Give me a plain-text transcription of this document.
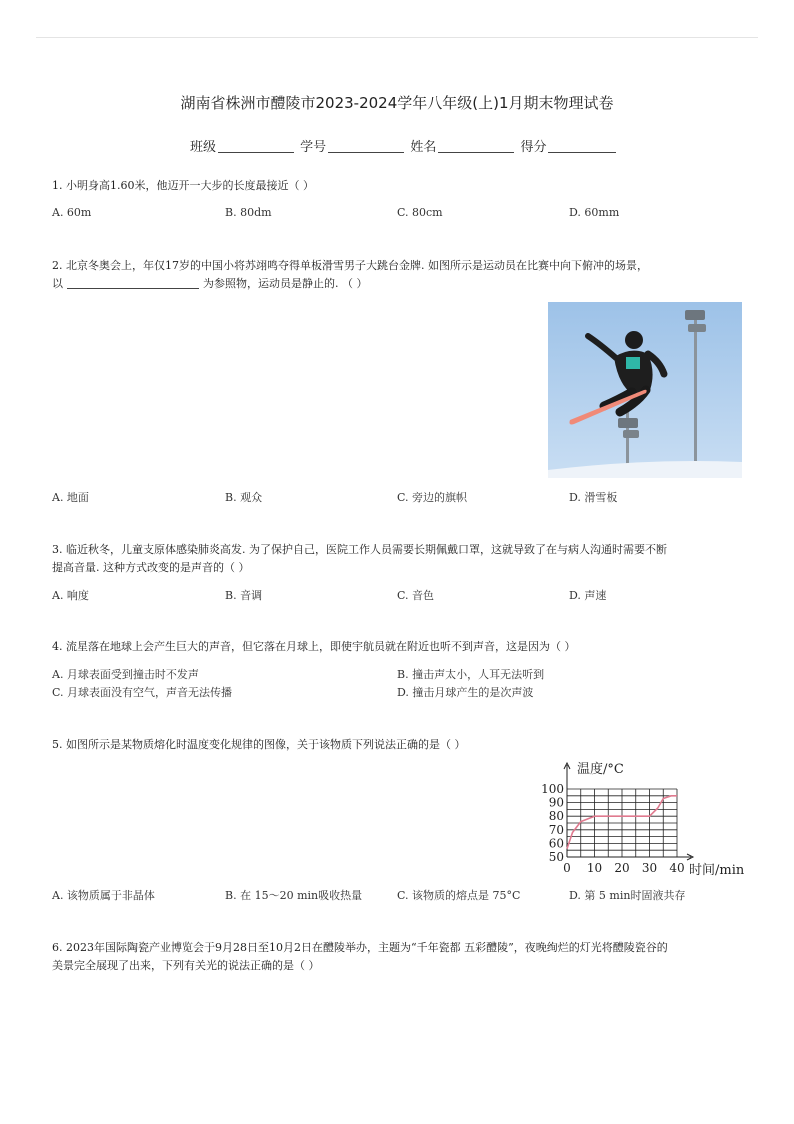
湖南省株洲市醴陵市2023-2024学年八年级(上)1月期末物理试卷
班级	学号	姓名	得分
1. 小明身高1.60米，他迈开一大步的长度最接近（ ）
A. 60m	B. 80dm	C. 80cm	D. 60mm
2. 北京冬奥会上，年仅17岁的中国小将苏翊鸣夺得单板滑雪男子大跳台金牌. 如图所示是运动员在比赛中向下俯冲的场景，
以	为参照物，运动员是静止的. （ ）
A. 地面	B. 观众	C. 旁边的旗帜	D. 滑雪板
3. 临近秋冬，儿童支原体感染肺炎高发. 为了保护自己，医院工作人员需要长期佩戴口罩，这就导致了在与病人沟通时需要不断
提高音量. 这种方式改变的是声音的（ ）
A. 响度	B. 音调	C. 音色	D. 声速
4. 流星落在地球上会产生巨大的声音，但它落在月球上，即使宇航员就在附近也听不到声音，这是因为（ ）
A. 月球表面受到撞击时不发声	B. 撞击声太小，人耳无法听到
C. 月球表面没有空气，声音无法传播	D. 撞击月球产生的是次声波
5. 如图所示是某物质熔化时温度变化规律的图像，关于该物质下列说法正确的是（ ）
50
60
70
80
90
100
0 10 20 30 40
温度/°C
时间/min
A. 该物质属于非晶体	B. 在 15～20 min吸收热量	C. 该物质的熔点是 75°C	D. 第 5 min时固液共存
6. 2023年国际陶瓷产业博览会于9月28日至10月2日在醴陵举办，主题为“千年瓷都 五彩醴陵”，夜晚绚烂的灯光将醴陵瓷谷的
美景完全展现了出来，下列有关光的说法正确的是（ ）
